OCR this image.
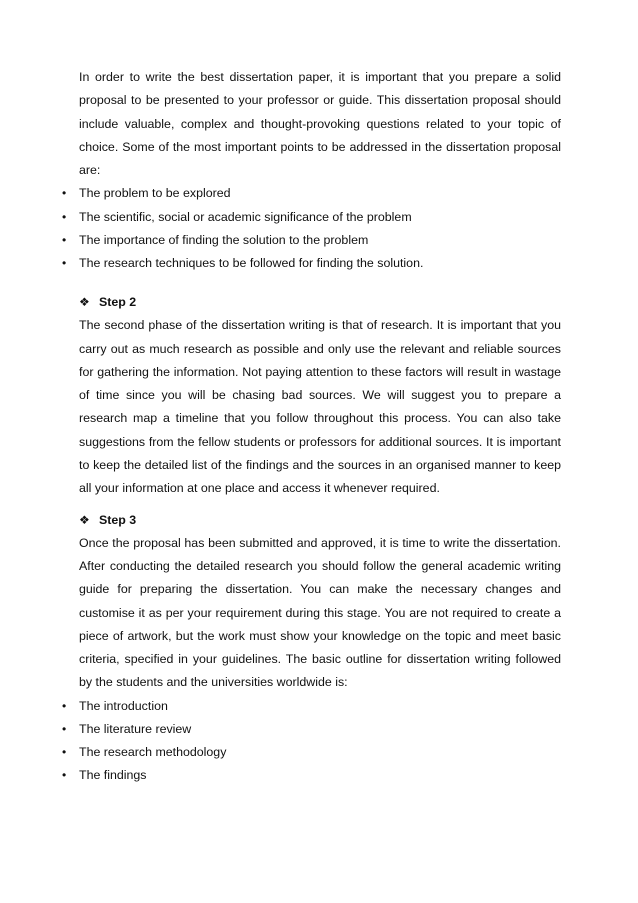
In order to write the best dissertation paper, it is important that you prepare a solid proposal to be presented to your professor or guide. This dissertation proposal should include valuable, complex and thought-provoking questions related to your topic of choice. Some of the most important points to be addressed in the dissertation proposal are:

• The problem to be explored
• The scientific, social or academic significance of the problem
• The importance of finding the solution to the problem
• The research techniques to be followed for finding the solution.
❖ Step 2

The second phase of the dissertation writing is that of research. It is important that you carry out as much research as possible and only use the relevant and reliable sources for gathering the information. Not paying attention to these factors will result in wastage of time since you will be chasing bad sources. We will suggest you to prepare a research map a timeline that you follow throughout this process. You can also take suggestions from the fellow students or professors for additional sources. It is important to keep the detailed list of the findings and the sources in an organised manner to keep all your information at one place and access it whenever required.

❖ Step 3

Once the proposal has been submitted and approved, it is time to write the dissertation. After conducting the detailed research you should follow the general academic writing guide for preparing the dissertation. You can make the necessary changes and customise it as per your requirement during this stage. You are not required to create a piece of artwork, but the work must show your knowledge on the topic and meet basic criteria, specified in your guidelines. The basic outline for dissertation writing followed by the students and the universities worldwide is:

• The introduction
• The literature review
• The research methodology
• The findings
